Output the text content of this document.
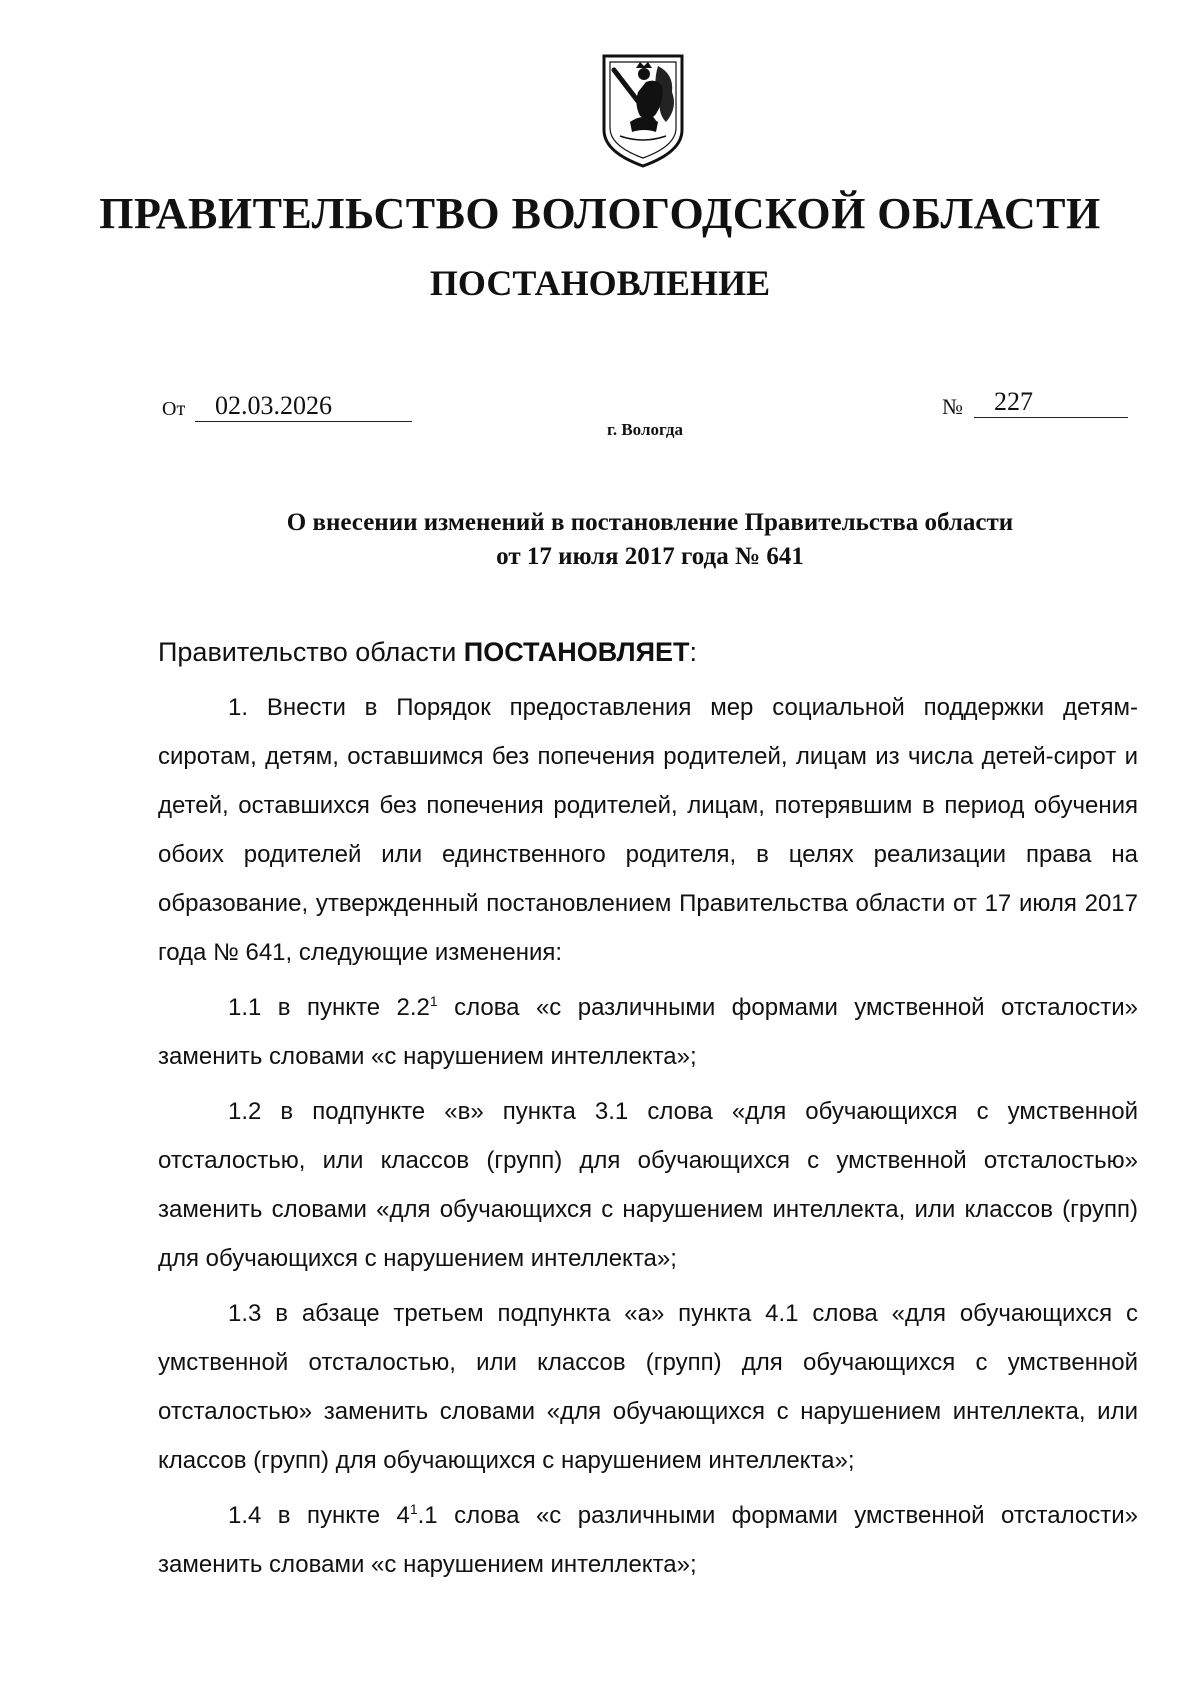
ПРАВИТЕЛЬСТВО ВОЛОГОДСКОЙ ОБЛАСТИ
ПОСТАНОВЛЕНИЕ
От	02.03.2026	№	227
г. Вологда
О внесении изменений в постановление Правительства области
от 17 июля 2017 года № 641

Правительство области ПОСТАНОВЛЯЕТ:

1. Внести в Порядок предоставления мер социальной поддержки детям-сиротам, детям, оставшимся без попечения родителей, лицам из числа детей-сирот и детей, оставшихся без попечения родителей, лицам, потерявшим в период обучения обоих родителей или единственного родителя, в целях реализации права на образование, утвержденный постановлением Правительства области от 17 июля 2017 года № 641, следующие изменения:

1.1 в пункте $2.2^1$ слова «с различными формами умственной отсталости» заменить словами «с нарушением интеллекта»;

1.2 в подпункте «в» пункта 3.1 слова «для обучающихся с умственной отсталостью, или классов (групп) для обучающихся с умственной отсталостью» заменить словами «для обучающихся с нарушением интеллекта, или классов (групп) для обучающихся с нарушением интеллекта»;

1.3 в абзаце третьем подпункта «а» пункта 4.1 слова «для обучающихся с умственной отсталостью, или классов (групп) для обучающихся с умственной отсталостью» заменить словами «для обучающихся с нарушением интеллекта, или классов (групп) для обучающихся с нарушением интеллекта»;

1.4 в пункте $4^1.1$ слова «с различными формами умственной отсталости» заменить словами «с нарушением интеллекта»;
